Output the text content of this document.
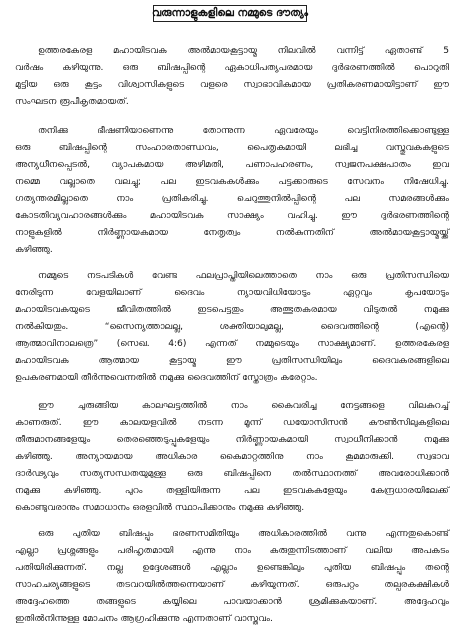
വരുന്നാളുകളിലെ നമ്മുടെ ദൗത്യം
ഉത്തരകേരള മഹായിടവക അൽമായകൂട്ടായ്മ നിലവിൽ വന്നിട്ട് ഏതാണ്ട് 5
വർഷം കഴിയുന്നു. ഒരു ബിഷപ്പിന്റെ ഏകാധിപത്യപരമായ ദുർഭരണത്തിൽ പൊറുതി
മുട്ടിയ ഒരു കൂട്ടം വിശ്വാസികളുടെ വളരെ സ്വാഭാവികമായ പ്രതികരണമായിട്ടാണ് ഈ
സംഘടന രൂപീകൃതമായത്.
തനിക്കു ഭീഷണിയാണെന്നു തോന്നുന്ന ഏവരേയും വെട്ടിനിരത്തിക്കൊണ്ടുള്ള
ഒരു ബിഷപ്പിന്റെ സംഹാരതാണ്ഡവം, പൈതൃകമായി ലഭിച്ച വസ്തുവകകളുടെ
അന്യധീനപ്പെടൽ, വ്യാപകമായ അഴിമതി, പണാപഹരണം, സ്വജനപക്ഷപാതം ഇവ
നമ്മെ വല്ലാതെ വലച്ചു; പല ഇടവകകൾക്കും പട്ടക്കാരുടെ സേവനം നിഷേധിച്ചു.
ഗത്യന്തരമില്ലാതെ നാം പ്രതികരിച്ചു. ചെറുത്തുനിൽപ്പിന്റെ പല സമരങ്ങൾക്കും
കോടതിവ്യവഹാരങ്ങൾക്കും മഹായിടവക സാക്ഷ്യം വഹിച്ചു. ഈ ദുർഭരണത്തിന്റെ
നാളുകളിൽ നിർണ്ണായകമായ നേതൃത്വം നൽകുന്നതിന് അൽമായകൂട്ടായ്മയ്ക്ക്
കഴിഞ്ഞു.
നമ്മുടെ നടപടികൾ വേണ്ട ഫലപ്രാപ്തിയിലെത്താതെ നാം ഒരു പ്രതിസന്ധിയെ
നേരിടുന്ന വേളയിലാണ് ദൈവം ന്യായവിധിയോടും ഏറ്റവും കൃപയോടും
മഹായിടവകയുടെ ജീവിതത്തിൽ ഇടപെട്ടതും അത്ഭുതകരമായ വിടുതൽ നമുക്കു
നൽകിയതും. “സൈന്യത്താലല്ല, ശക്തിയാലുമല്ല, ദൈവത്തിന്റെ (എന്റെ)
ആത്മാവിനാലത്രെ” (സെഖ. 4:6) എന്നത് നമ്മുടെയും സാക്ഷ്യമാണ്. ഉത്തരകേരള
മഹായിടവക ആത്മായ കൂട്ടായ്മ ഈ പ്രതിസന്ധിയിലും ദൈവകരങ്ങളിലെ
ഉപകരണമായി തീർന്നുവെന്നതിൽ നമുക്കു ദൈവത്തിന് സ്തോത്രം കരേറ്റാം.
ഈ ചുരുങ്ങിയ കാലഘട്ടത്തിൽ നാം കൈവരിച്ച നേട്ടങ്ങളെ വിലകുറച്ച്
കാണരുത്. ഈ കാലയളവിൽ നടന്ന മൂന്ന് ഡയോസിസൻ കൗൺസിലുകളിലെ
തീരുമാനങ്ങളേയും തെരഞ്ഞെടുപ്പുകളേയും നിർണ്ണായകമായി സ്വാധീനിക്കാൻ നമുക്കു
കഴിഞ്ഞു. അന്യായമായ അധികാര കൈമാറ്റത്തിനു നാം കൂമമാരുക്കി. സ്വഭാവ
ദാർഢ്യവും സത്യസന്ധതയുമുള്ള ഒരു ബിഷപ്പിനെ തൽസ്ഥാനത്ത് അവരോധിക്കാൻ
നമുക്കു കഴിഞ്ഞു. പുറം തള്ളിയിരുന്ന പല ഇടവകകളേയും കേന്ദ്രധാരയിലേക്ക്
കൊണ്ടുവരാനും സമാധാനം ഒരളവിൽ സ്ഥാപിക്കാനും നമുക്കു കഴിഞ്ഞു.
ഒരു പുതിയ ബിഷപ്പും ഭരണസമിതിയും അധികാരത്തിൽ വന്നു എന്നതുകൊണ്ട്
എല്ലാ പ്രശ്നങ്ങളും പരിഹൃതമായി എന്നു നാം കരുതുന്നിടത്താണ് വലിയ അപകടം
പതിയിരിക്കുന്നത്. നല്ല ഉദ്ദേശങ്ങൾ എല്ലാം ഉണ്ടെങ്കിലും പുതിയ ബിഷപ്പും തന്റെ
സാഹചര്യങ്ങളുടെ തടവറയിൽത്തന്നെയാണ് കഴിയുന്നത്. ഒരുപറ്റം തല്പരകക്ഷികൾ
അദ്ദേഹത്തെ തങ്ങളുടെ കയ്യിലെ പാവയാക്കാൻ ശ്രമിക്കുകയാണ്. അദ്ദേഹവും
ഇതിൽനിന്നുള്ള മോചനം ആഗ്രഹിക്കുന്നു എന്നതാണ് വാസ്തവം.
